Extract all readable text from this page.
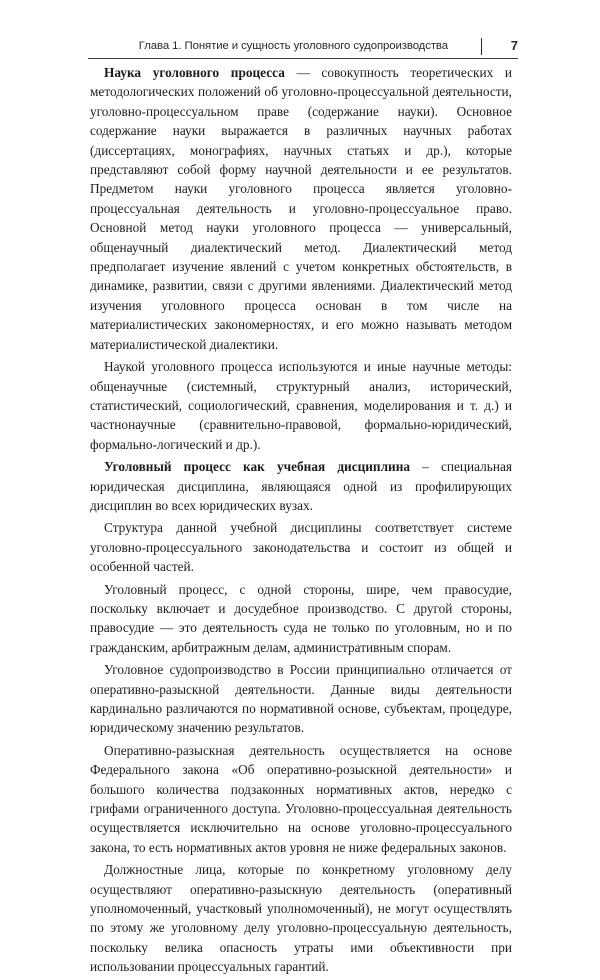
Глава 1. Понятие и сущность уголовного судопроизводства	7

Наука уголовного процесса — совокупность теоретических и методологических положений об уголовно-процессуальной деятельности, уголовно-процессуальном праве (содержание науки). Основное содержание науки выражается в различных научных работах (диссертациях, монографиях, научных статьях и др.), которые представляют собой форму научной деятельности и ее результатов. Предметом науки уголовного процесса является уголовно-процессуальная деятельность и уголовно-процессуальное право. Основной метод науки уголовного процесса — универсальный, общенаучный диалектический метод. Диалектический метод предполагает изучение явлений с учетом конкретных обстоятельств, в динамике, развитии, связи с другими явлениями. Диалектический метод изучения уголовного процесса основан в том числе на материалистических закономерностях, и его можно называть методом материалистической диалектики.

Наукой уголовного процесса используются и иные научные методы: общенаучные (системный, структурный анализ, исторический, статистический, социологический, сравнения, моделирования и т. д.) и частнонаучные (сравнительно-правовой, формально-юридический, формально-логический и др.).

Уголовный процесс как учебная дисциплина – специальная юридическая дисциплина, являющаяся одной из профилирующих дисциплин во всех юридических вузах.

Структура данной учебной дисциплины соответствует системе уголовно-процессуального законодательства и состоит из общей и особенной частей.

Уголовный процесс, с одной стороны, шире, чем правосудие, поскольку включает и досудебное производство. С другой стороны, правосудие — это деятельность суда не только по уголовным, но и по гражданским, арбитражным делам, административным спорам.

Уголовное судопроизводство в России принципиально отличается от оперативно-разыскной деятельности. Данные виды деятельности кардинально различаются по нормативной основе, субъектам, процедуре, юридическому значению результатов.

Оперативно-разыскная деятельность осуществляется на основе Федерального закона «Об оперативно-розыскной деятельности» и большого количества подзаконных нормативных актов, нередко с грифами ограниченного доступа. Уголовно-процессуальная деятельность осуществляется исключительно на основе уголовно-процессуального закона, то есть нормативных актов уровня не ниже федеральных законов.

Должностные лица, которые по конкретному уголовному делу осуществляют оперативно-разыскную деятельность (оперативный уполномоченный, участковый уполномоченный), не могут осуществлять по этому же уголовному делу уголовно-процессуальную деятельность, поскольку велика опасность утраты ими объективности при использовании процессуальных гарантий.
